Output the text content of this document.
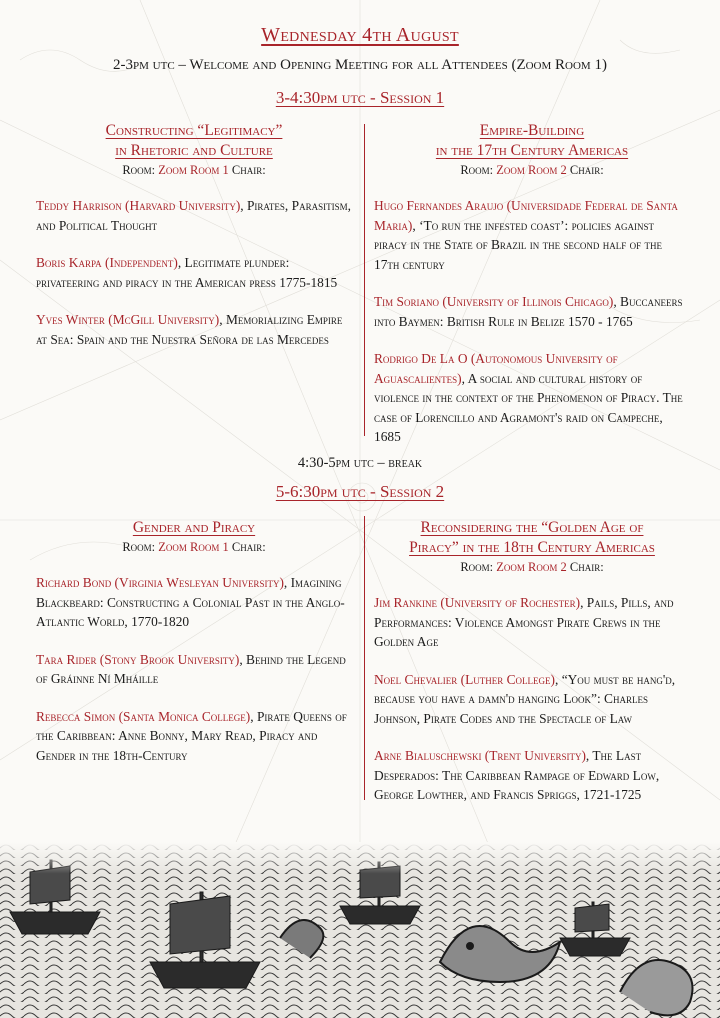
Wednesday 4th August
2-3pm utc – Welcome and Opening Meeting for all Attendees (Zoom Room 1)
3-4:30pm utc - Session 1
Constructing “Legitimacy”
in Rhetoric and Culture
Room: Zoom Room 1 Chair:
Teddy Harrison (Harvard University), Pirates, Parasitism, and Political Thought
Boris Karpa (Independent), Legitimate plunder: privateering and piracy in the American press 1775-1815
Yves Winter (McGill University), Memorializing Empire at Sea: Spain and the Nuestra Señora de las Mercedes
Empire-Building
in the 17th Century Americas
Room: Zoom Room 2 Chair:
Hugo Fernandes Araujo (Universidade Federal de Santa Maria), ‘To run the infested coast’: policies against piracy in the State of Brazil in the second half of the 17th century
Tim Soriano (University of Illinois Chicago), Buccaneers into Baymen: British Rule in Belize 1570 - 1765
Rodrigo De La O (Autonomous University of Aguascalientes), A social and cultural history of violence in the context of the Phenomenon of Piracy. The case of Lorencillo and Agramont's raid on Campeche, 1685
4:30-5pm utc – break
5-6:30pm utc - Session 2
Gender and Piracy
Room: Zoom Room 1 Chair:
Richard Bond (Virginia Wesleyan University), Imagining Blackbeard: Constructing a Colonial Past in the Anglo-Atlantic World, 1770-1820
Tara Rider (Stony Brook University), Behind the Legend of Gráinne Ní Mháille
Rebecca Simon (Santa Monica College), Pirate Queens of the Caribbean: Anne Bonny, Mary Read, Piracy and Gender in the 18th-Century
Reconsidering the “Golden Age of
Piracy” in the 18th Century Americas
Room: Zoom Room 2 Chair:
Jim Rankine (University of Rochester), Pails, Pills, and Performances: Violence Amongst Pirate Crews in the Golden Age
Noel Chevalier (Luther College), “You must be hang'd, because you have a damn'd hanging Look”: Charles Johnson, Pirate Codes and the Spectacle of Law
Arne Bialuschewski (Trent University), The Last Desperados: The Caribbean Rampage of Edward Low, George Lowther, and Francis Spriggs, 1721-1725
